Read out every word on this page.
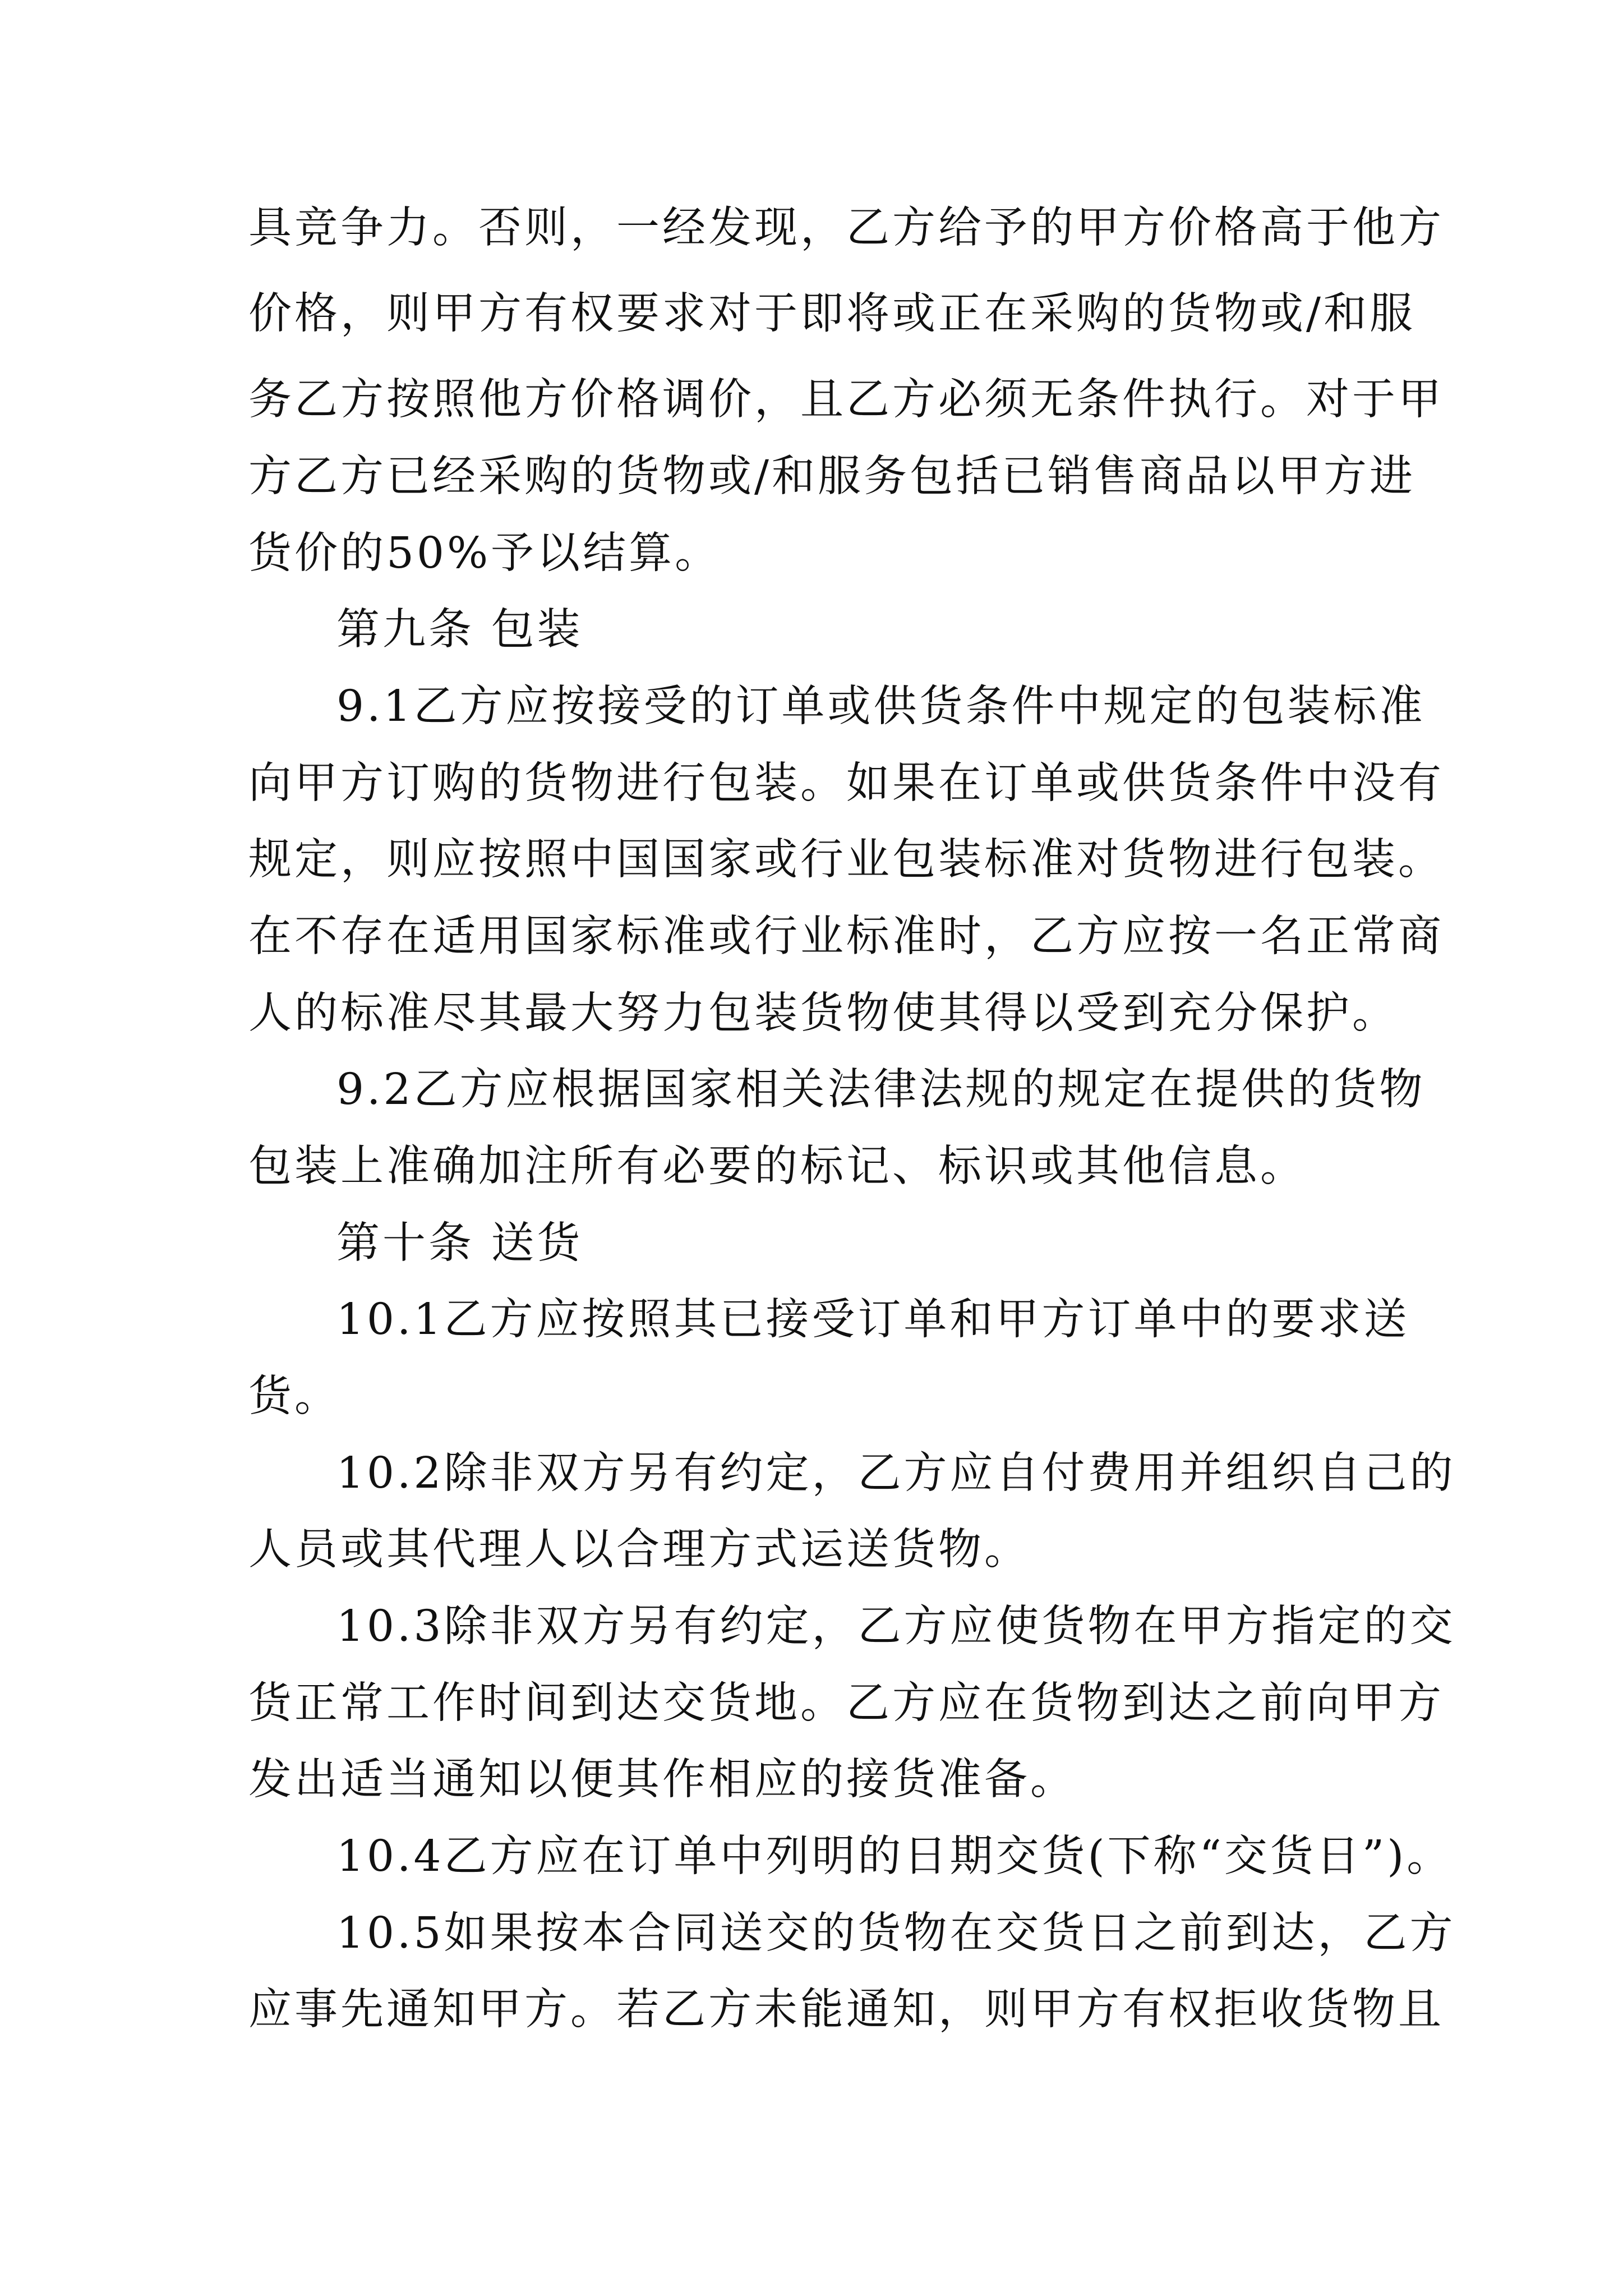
具竞争力。否则，一经发现，乙方给予的甲方价格高于他方
价格，则甲方有权要求对于即将或正在采购的货物或/和服
务乙方按照他方价格调价，且乙方必须无条件执行。对于甲
方乙方已经采购的货物或/和服务包括已销售商品以甲方进
货价的50%予以结算。
第九条 包装
9.1乙方应按接受的订单或供货条件中规定的包装标准
向甲方订购的货物进行包装。如果在订单或供货条件中没有
规定，则应按照中国国家或行业包装标准对货物进行包装。
在不存在适用国家标准或行业标准时，乙方应按一名正常商
人的标准尽其最大努力包装货物使其得以受到充分保护。
9.2乙方应根据国家相关法律法规的规定在提供的货物
包装上准确加注所有必要的标记、标识或其他信息。
第十条 送货
10.1乙方应按照其已接受订单和甲方订单中的要求送
货。
10.2除非双方另有约定，乙方应自付费用并组织自己的
人员或其代理人以合理方式运送货物。
10.3除非双方另有约定，乙方应使货物在甲方指定的交
货正常工作时间到达交货地。乙方应在货物到达之前向甲方
发出适当通知以便其作相应的接货准备。
10.4乙方应在订单中列明的日期交货(下称“交货日”)。
10.5如果按本合同送交的货物在交货日之前到达，乙方
应事先通知甲方。若乙方未能通知，则甲方有权拒收货物且
